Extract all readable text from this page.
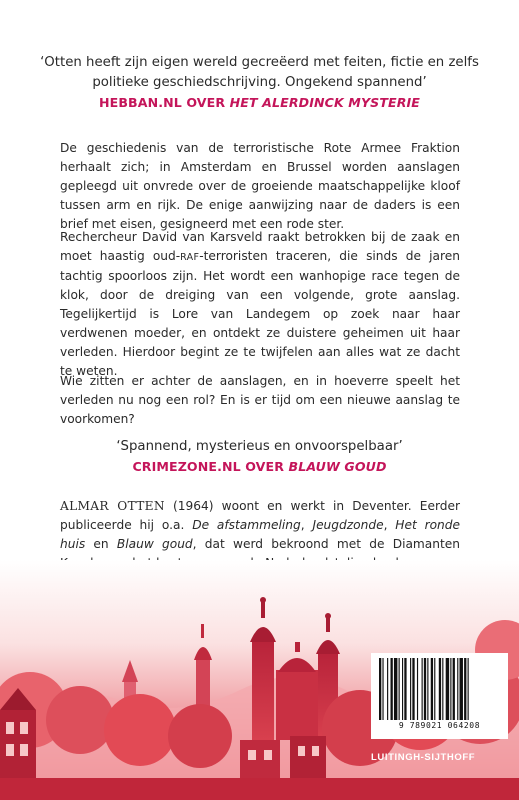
‘Otten heeft zijn eigen wereld gecreëerd met feiten, fictie en zelfs politieke geschiedschrijving. Ongekend spannend’
HEBBAN.NL OVER HET ALERDINCK MYSTERIE

De geschiedenis van de terroristische Rote Armee Fraktion herhaalt zich; in Amsterdam en Brussel worden aanslagen gepleegd uit onvrede over de groeiende maatschappelijke kloof tussen arm en rijk. De enige aanwijzing naar de daders is een brief met eisen, gesigneerd met een rode ster.

Rechercheur David van Karsveld raakt betrokken bij de zaak en moet haastig oud-RAF-terroristen traceren, die sinds de jaren tachtig spoorloos zijn. Het wordt een wanhopige race tegen de klok, door de dreiging van een volgende, grote aanslag. Tegelijkertijd is Lore van Landegem op zoek naar haar verdwenen moeder, en ontdekt ze duistere geheimen uit haar verleden. Hierdoor begint ze te twijfelen aan alles wat ze dacht te weten.

Wie zitten er achter de aanslagen, en in hoeverre speelt het verleden nu nog een rol? En is er tijd om een nieuwe aanslag te voorkomen?

‘Spannend, mysterieus en onvoorspelbaar’
CRIMEZONE.NL OVER BLAUW GOUD

ALMAR OTTEN (1964) woont en werkt in Deventer. Eerder publiceerde hij o.a. De afstammeling, Jeugdzonde, Het ronde huis en Blauw goud, dat werd bekroond met de Diamanten

9 789021 064208
LUITINGH-SIJTHOFF
